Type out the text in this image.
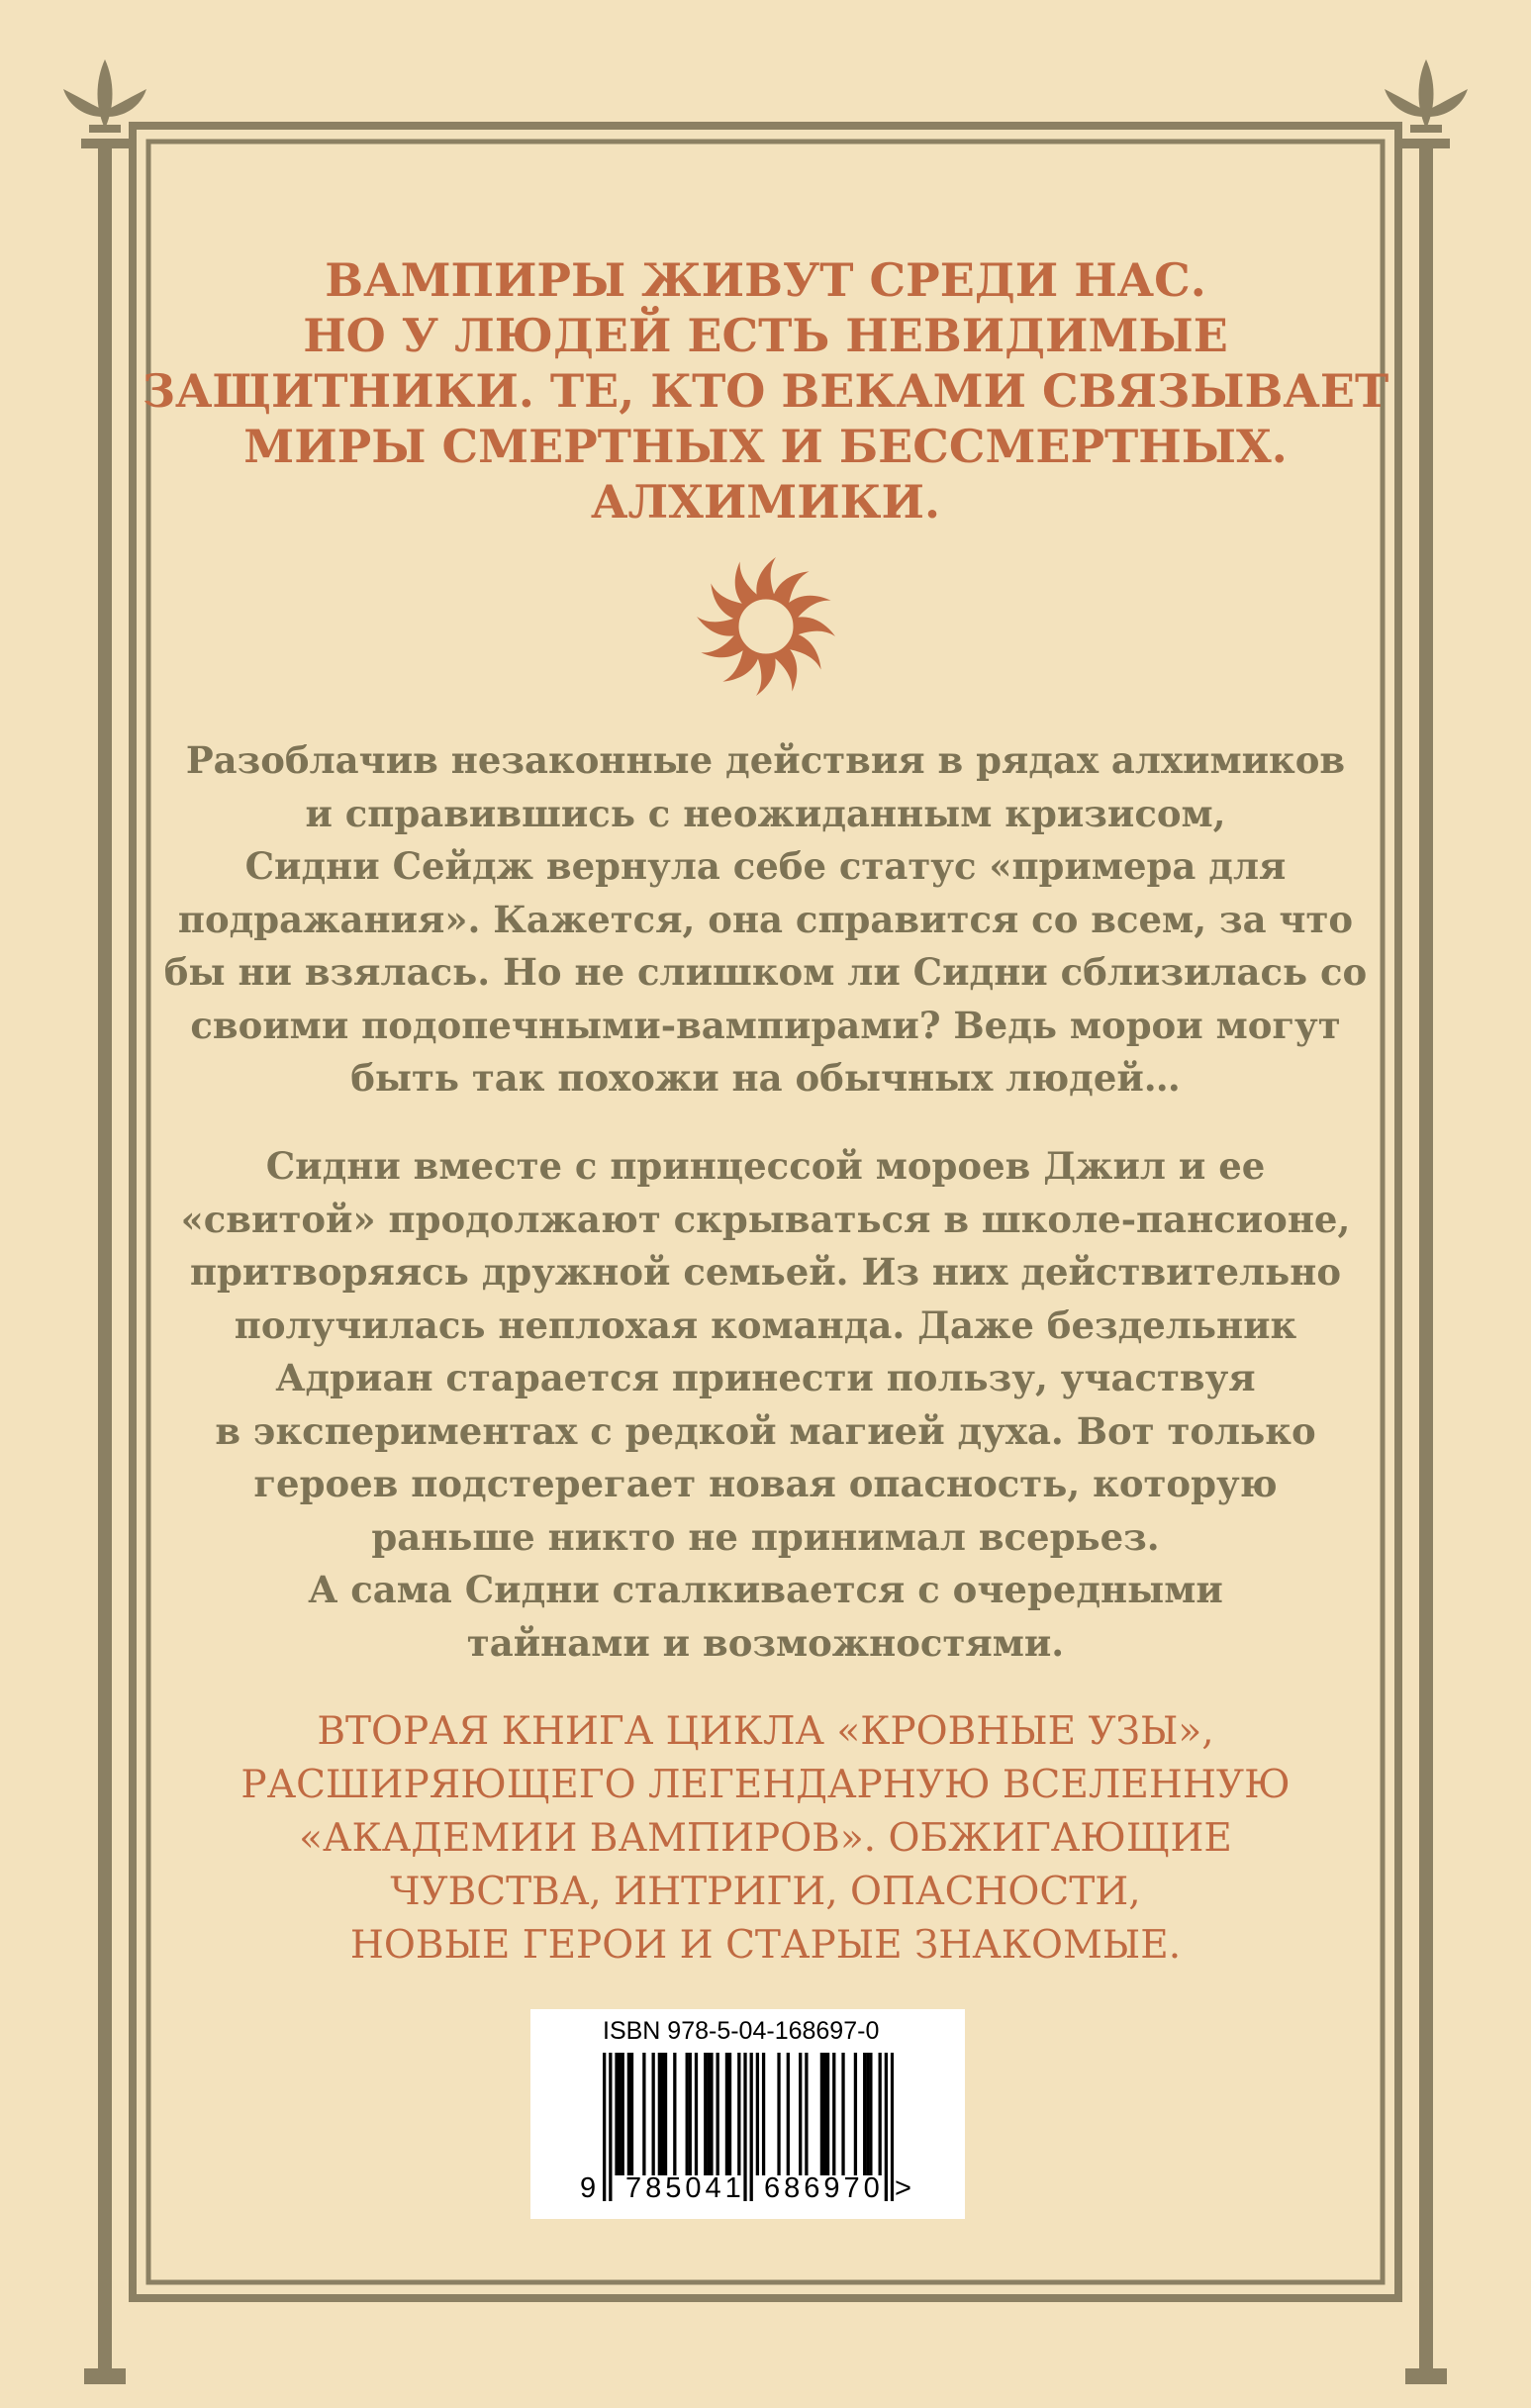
ВАМПИРЫ ЖИВУТ СРЕДИ НАС.
НО У ЛЮДЕЙ ЕСТЬ НЕВИДИМЫЕ
ЗАЩИТНИКИ. ТЕ, КТО ВЕКАМИ СВЯЗЫВАЕТ
МИРЫ СМЕРТНЫХ И БЕССМЕРТНЫХ.
АЛХИМИКИ.
Разоблачив незаконные действия в рядах алхимиков
и справившись с неожиданным кризисом,
Сидни Сейдж вернула себе статус «примера для
подражания». Кажется, она справится со всем, за что
бы ни взялась. Но не слишком ли Сидни сблизилась со
своими подопечными-вампирами? Ведь морои могут
быть так похожи на обычных людей…
Сидни вместе с принцессой мороев Джил и ее
«свитой» продолжают скрываться в школе-пансионе,
притворяясь дружной семьей. Из них действительно
получилась неплохая команда. Даже бездельник
Адриан старается принести пользу, участвуя
в экспериментах с редкой магией духа. Вот только
героев подстерегает новая опасность, которую
раньше никто не принимал всерьез.
А сама Сидни сталкивается с очередными
тайнами и возможностями.
ВТОРАЯ КНИГА ЦИКЛА «КРОВНЫЕ УЗЫ»,
РАСШИРЯЮЩЕГО ЛЕГЕНДАРНУЮ ВСЕЛЕННУЮ
«АКАДЕМИИ ВАМПИРОВ». ОБЖИГАЮЩИЕ
ЧУВСТВА, ИНТРИГИ, ОПАСНОСТИ,
НОВЫЕ ГЕРОИ И СТАРЫЕ ЗНАКОМЫЕ.
ISBN 978-5-04-168697-0
9 785041 686970 >
